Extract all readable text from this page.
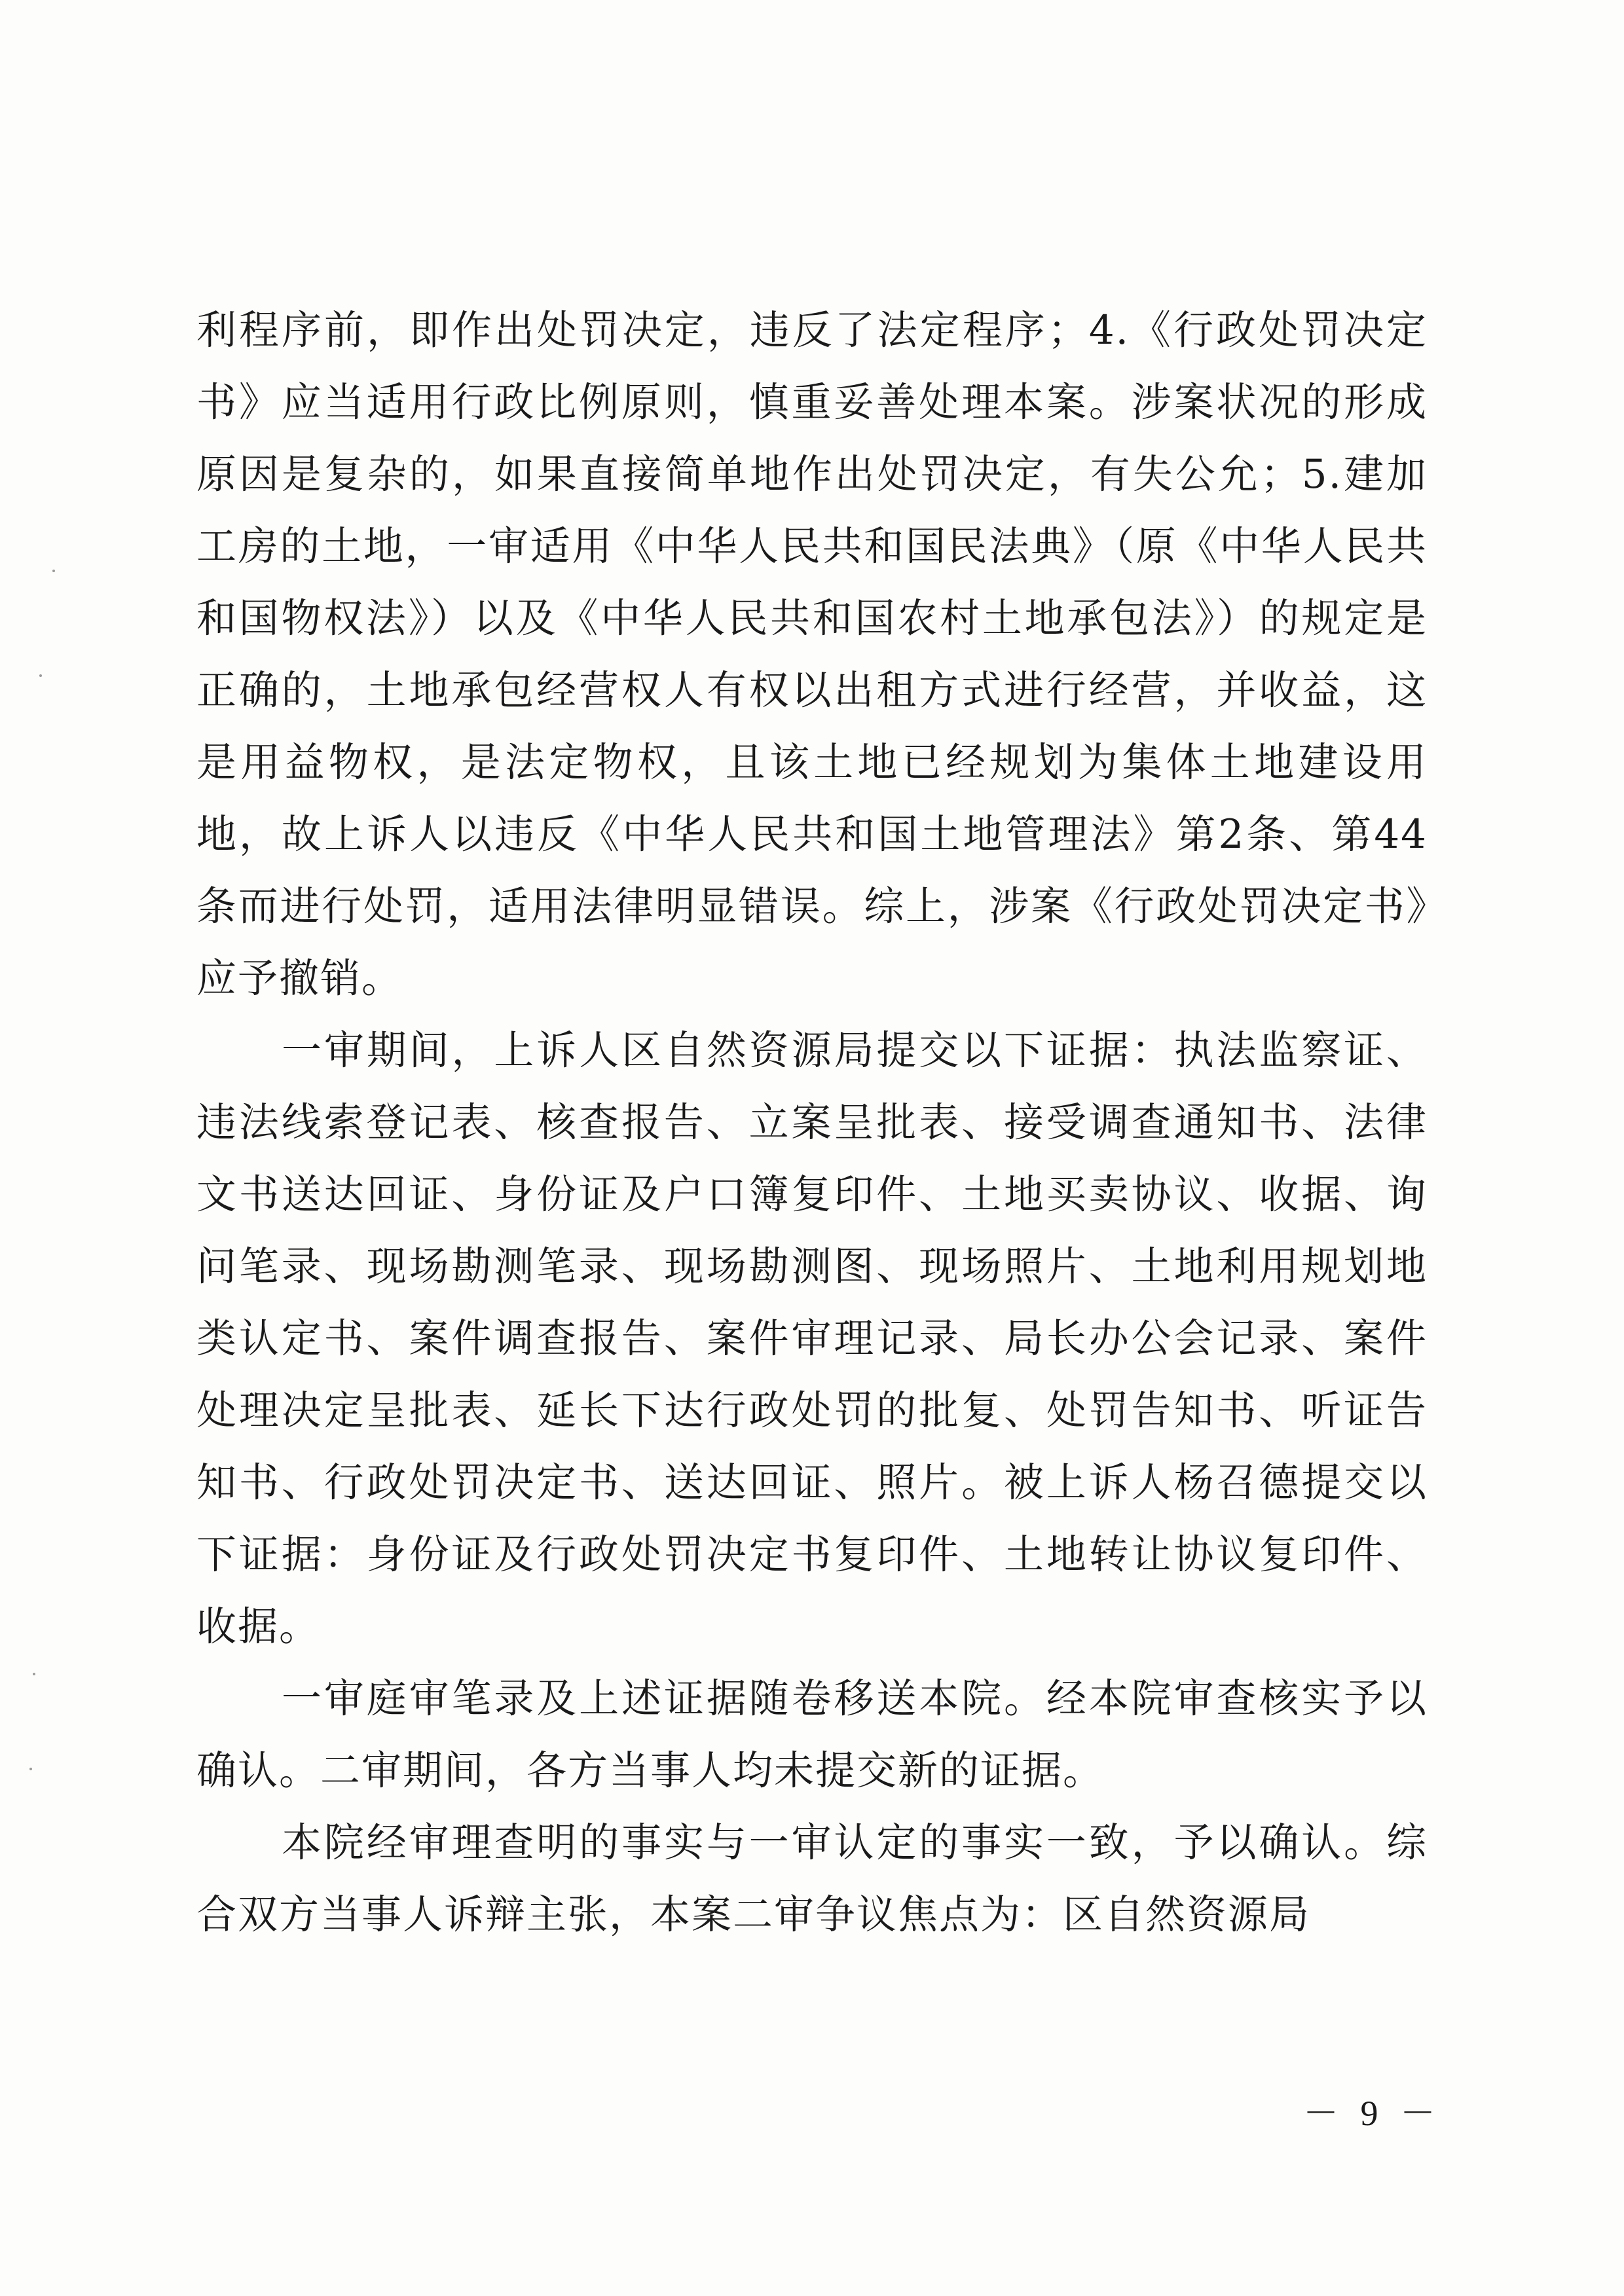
利程序前，即作出处罚决定，违反了法定程序；4.《行政处罚决定书》应当适用行政比例原则，慎重妥善处理本案。涉案状况的形成原因是复杂的，如果直接简单地作出处罚决定，有失公允；5.建加工房的土地，一审适用《中华人民共和国民法典》（原《中华人民共和国物权法》）以及《中华人民共和国农村土地承包法》）的规定是正确的，土地承包经营权人有权以出租方式进行经营，并收益，这是用益物权，是法定物权，且该土地已经规划为集体土地建设用地，故上诉人以违反《中华人民共和国土地管理法》第2条、第44条而进行处罚，适用法律明显错误。综上，涉案《行政处罚决定书》应予撤销。

一审期间，上诉人区自然资源局提交以下证据：执法监察证、违法线索登记表、核查报告、立案呈批表、接受调查通知书、法律文书送达回证、身份证及户口簿复印件、土地买卖协议、收据、询问笔录、现场勘测笔录、现场勘测图、现场照片、土地利用规划地类认定书、案件调查报告、案件审理记录、局长办公会记录、案件处理决定呈批表、延长下达行政处罚的批复、处罚告知书、听证告知书、行政处罚决定书、送达回证、照片。被上诉人杨召德提交以下证据：身份证及行政处罚决定书复印件、土地转让协议复印件、收据。

一审庭审笔录及上述证据随卷移送本院。经本院审查核实予以确认。二审期间，各方当事人均未提交新的证据。

本院经审理查明的事实与一审认定的事实一致，予以确认。综合双方当事人诉辩主张，本案二审争议焦点为：区自然资源局

－ 9 －
